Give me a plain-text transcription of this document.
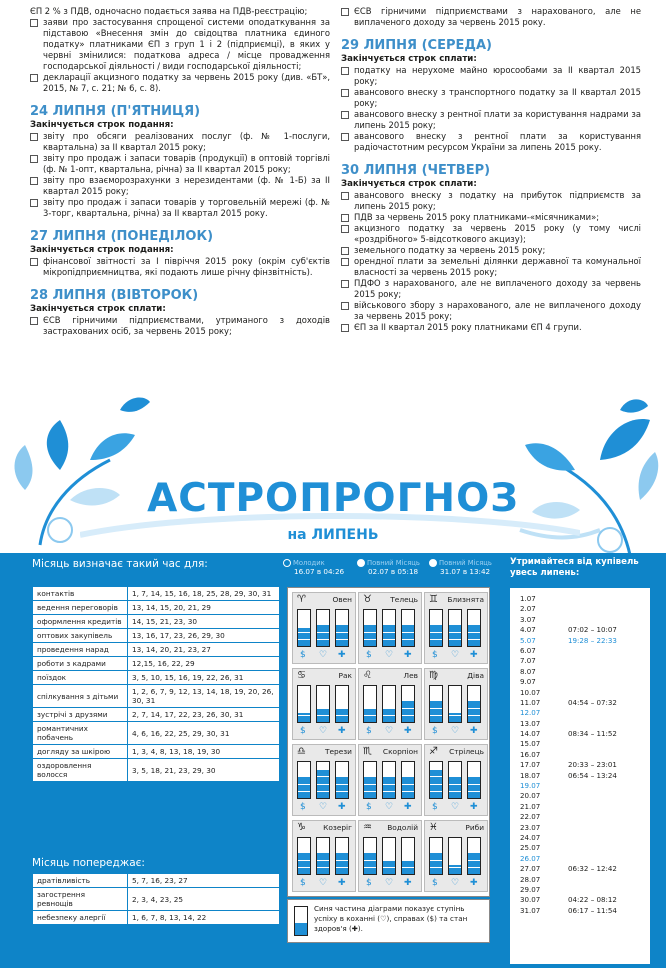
ЄП 2 % з ПДВ, одночасно подається заява на ПДВ-реєстрацію;
заяви про застосування спрощеної системи оподаткування за підставою «Внесення змін до свідоцтва платника єдиного податку» платниками ЄП з груп 1 і 2 (підприємці), в яких у червні змінилися: податкова адреса / місце провадження господарської діяльності / види господарської діяльності;
декларації акцизного податку за червень 2015 року (див. «БТ», 2015, № 7, с. 21; № 6, с. 8).
24 ЛИПНЯ (П'ЯТНИЦЯ)
Закінчується строк подання:
звіту про обсяги реалізованих послуг (ф. № 1-послуги, квартальна) за ІІ квартал 2015 року;
звіту про продаж і запаси товарів (продукції) в оптовій торгівлі (ф. № 1-опт, квартальна, річна) за ІІ квартал 2015 року;
звіту про взаєморозрахунки з нерезидентами (ф. № 1-Б) за ІІ квартал 2015 року;
звіту про продаж і запаси товарів у торговельній мережі (ф. № 3-торг, квартальна, річна) за ІІ квартал 2015 року.
27 ЛИПНЯ (ПОНЕДІЛОК)
Закінчується строк подання:
фінансової звітності за І півріччя 2015 року (окрім суб'єктів мікропідприємництва, які подають лише річну фінзвітність).
28 ЛИПНЯ (ВІВТОРОК)
Закінчується строк сплати:
ЄСВ гірничими підприємствами, утриманого з доходів застрахованих осіб, за червень 2015 року;
ЄСВ гірничими підприємствами з нарахованого, але не виплаченого доходу за червень 2015 року.
29 ЛИПНЯ (СЕРЕДА)
Закінчується строк сплати:
податку на нерухоме майно юросообами за ІІ квартал 2015 року;
авансового внеску з транспортного податку за ІІ квартал 2015 року;
авансового внеску з рентної плати за користування надрами за липень 2015 року;
авансового внеску з рентної плати за користування радіочастотним ресурсом України за липень 2015 року.
30 ЛИПНЯ (ЧЕТВЕР)
Закінчується строк сплати:
авансового внеску з податку на прибуток підприємств за липень 2015 року;
ПДВ за червень 2015 року платниками-«місячниками»;
акцизного податку за червень 2015 року (у тому числі «роздрібного» 5-відсоткового акцизу);
земельного податку за червень 2015 року;
орендної плати за земельні ділянки державної та комунальної власності за червень 2015 року;
ПДФО з нарахованого, але не виплаченого доходу за червень 2015 року;
військового збору з нарахованого, але не виплаченого доходу за червень 2015 року;
ЄП за ІІ квартал 2015 року платниками ЄП 4 групи.
АСТРОПРОГНОЗ
на ЛИПЕНЬ
Місяць визначає такий час для:
контактів	1, 7, 14, 15, 16, 18, 25, 28, 29, 30, 31
ведення переговорів	13, 14, 15, 20, 21, 29
оформлення кредитів	14, 15, 21, 23, 30
оптових закупівель	13, 16, 17, 23, 26, 29, 30
проведення нарад	13, 14, 20, 21, 23, 27
роботи з кадрами	12,15, 16, 22, 29
поїздок	3, 5, 10, 15, 16, 19, 22, 26, 31
спілкування з дітьми	1, 2, 6, 7, 9, 12, 13, 14, 18, 19, 20, 26, 30, 31
зустрічі з друзями	2, 7, 14, 17, 22, 23, 26, 30, 31
романтичних побачень	4, 6, 16, 22, 25, 29, 30, 31
догляду за шкірою	1, 3, 4, 8, 13, 18, 19, 30
оздоровлення волосся	3, 5, 18, 21, 23, 29, 30
Місяць попереджає:
дратівливість	5, 7, 16, 23, 27
загострення ревнощів	2, 3, 4, 23, 25
небезпеку алергії	1, 6, 7, 8, 13, 14, 22
Молодик
16.07 в 04:26
Повний Місяць
02.07 в 05:18
Повний Місяць
31.07 в 13:42
♈	Овен
$ ♡ ✚
♉ Телець
$ ♡ ✚
♊ Близнята
$ ♡ ✚
♋	Рак
$ ♡ ✚
♌	Лев
$ ♡ ✚
♍	Діва
$ ♡ ✚
♎	Терези
$ ♡ ✚
♏ Скорпіон
$ ♡ ✚
♐ Стрілець
$ ♡ ✚
♑ Козеріг
$ ♡ ✚
♒ Водолій
$ ♡ ✚
♓	Риби
$ ♡ ✚
Синя частина діаграми показує ступінь успіху в коханні (♡), справах ($) та стан здоров'я (✚).
Утримайтеся від купівель увесь липень:
1.07
2.07
3.07
4.07	07:02 – 10:07
5.07	19:28 – 22:33
6.07
7.07
8.07
9.07
10.07
11.07	04:54 – 07:32
12.07
13.07
14.07	08:34 – 11:52
15.07
16.07
17.07	20:33 – 23:01
18.07	06:54 – 13:24
19.07
20.07
21.07
22.07
23.07
24.07
25.07
26.07
27.07	06:32 – 12:42
28.07
29.07
30.07	04:22 – 08:12
31.07	06:17 – 11:54
